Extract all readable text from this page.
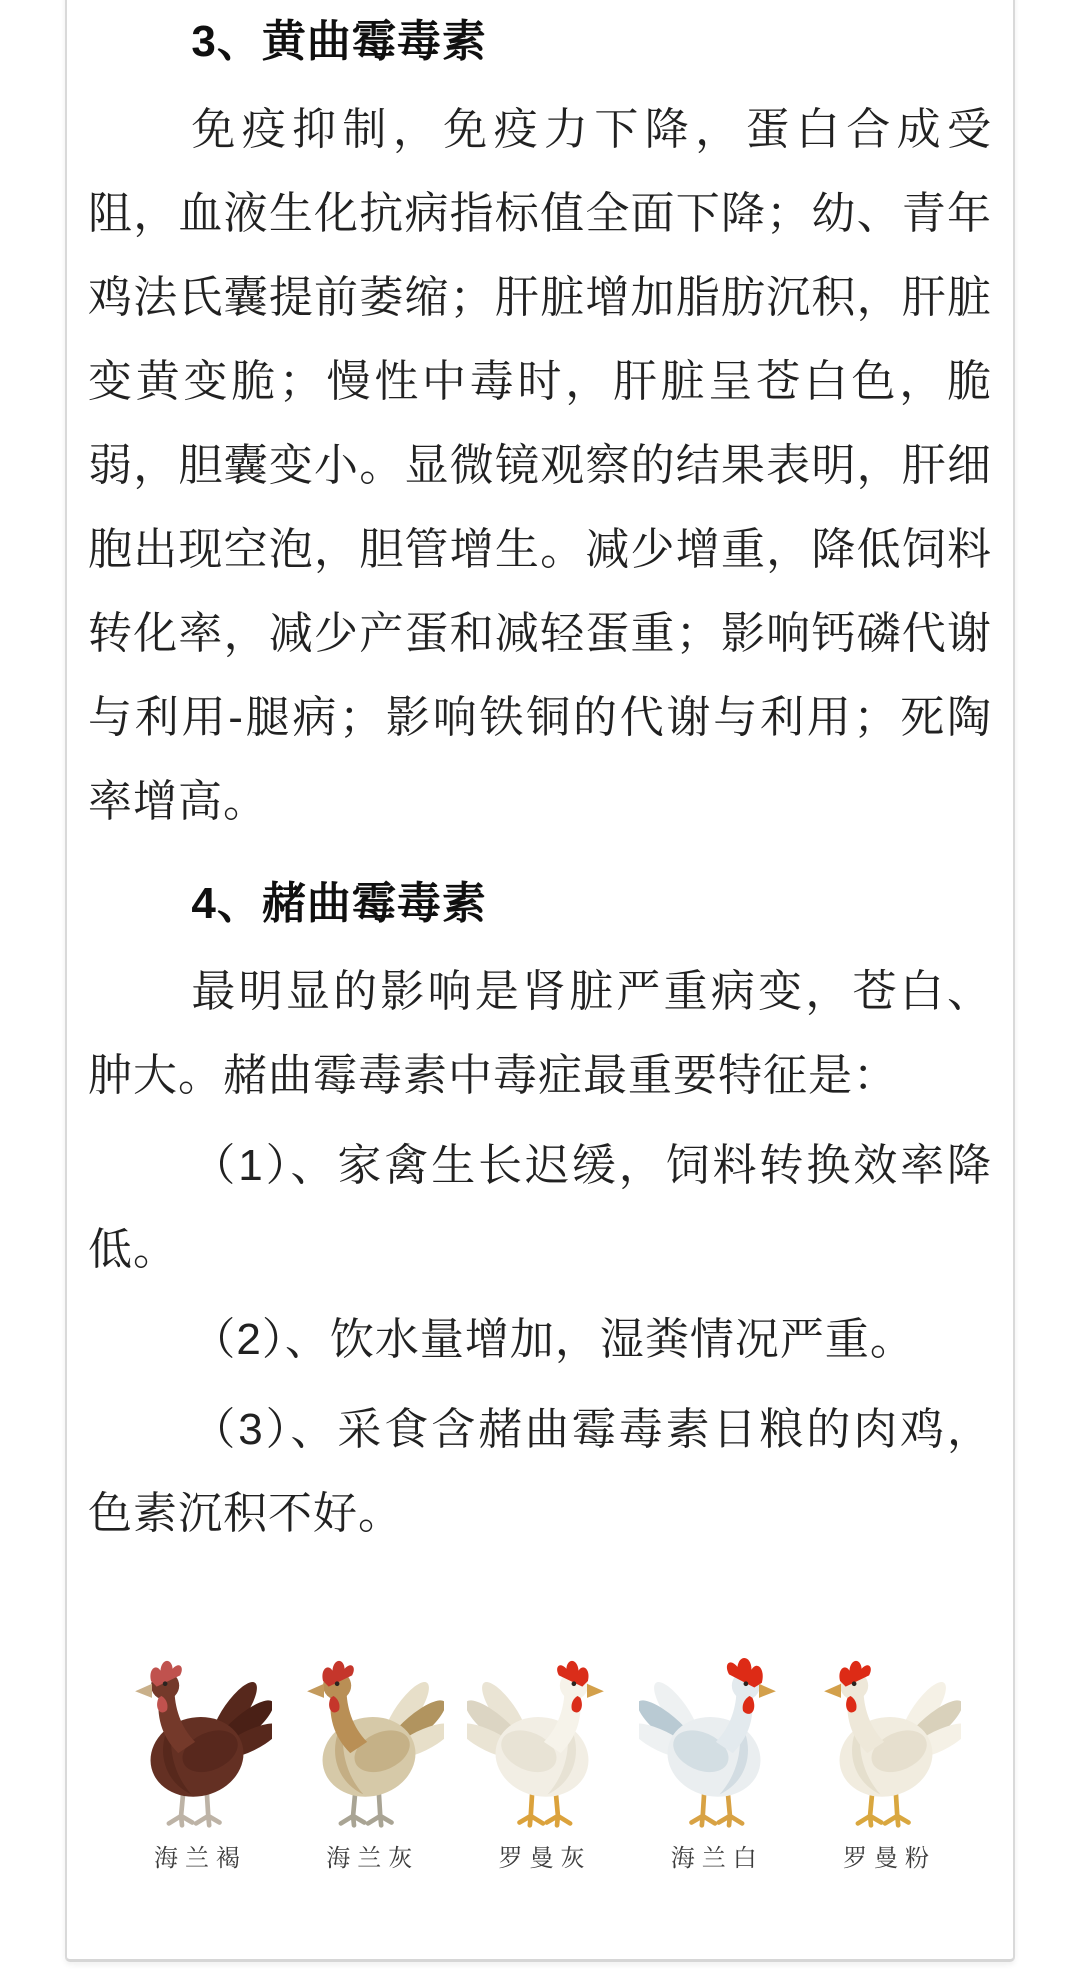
3、黄曲霉毒素
免疫抑制，免疫力下降，蛋白合成受阻，血液生化抗病指标值全面下降；幼、青年鸡法氏囊提前萎缩；肝脏增加脂肪沉积，肝脏变黄变脆；慢性中毒时，肝脏呈苍白色，脆弱，胆囊变小。显微镜观察的结果表明，肝细胞出现空泡，胆管增生。减少增重，降低饲料转化率，减少产蛋和减轻蛋重；影响钙磷代谢与利用-腿病；影响铁铜的代谢与利用；死陶率增高。
4、赭曲霉毒素
最明显的影响是肾脏严重病变，苍白、肿大。赭曲霉毒素中毒症最重要特征是：
（1）、家禽生长迟缓，饲料转换效率降低。
（2）、饮水量增加，湿粪情况严重。
（3）、采食含赭曲霉毒素日粮的肉鸡，色素沉积不好。
海兰褐	海兰灰	罗曼灰	海兰白	罗曼粉
